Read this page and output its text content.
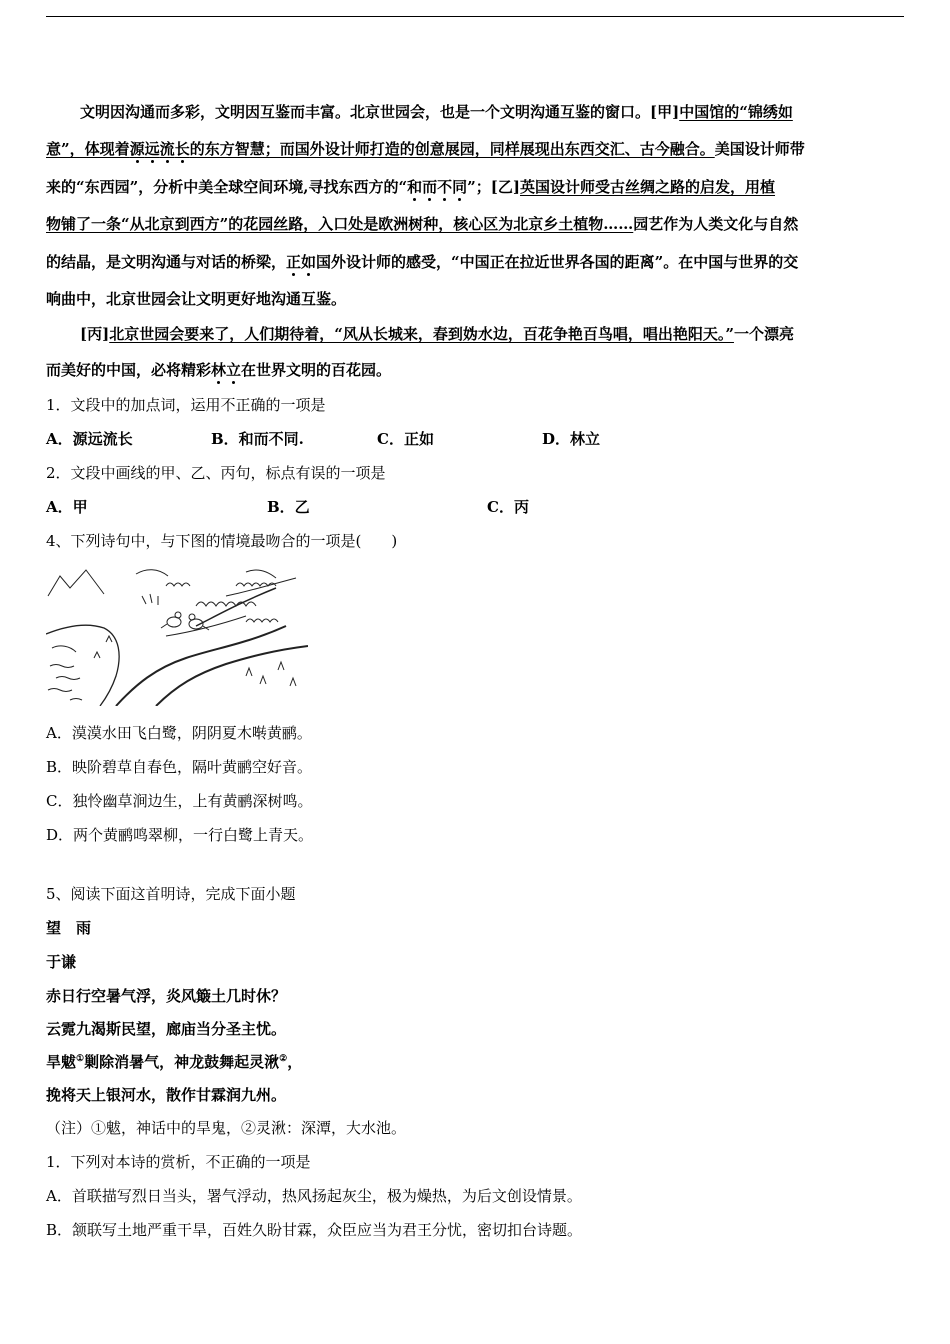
文明因沟通而多彩，文明因互鉴而丰富。北京世园会，也是一个文明沟通互鉴的窗口。[甲]中国馆的“锦绣如
意”，体现着源远流长的东方智慧；而国外设计师打造的创意展园，同样展现出东西交汇、古今融合。美国设计师带
来的“东西园”，分析中美全球空间环境,寻找东西方的“和而不同”；[乙]英国设计师受古丝绸之路的启发，用植
物铺了一条“从北京到西方”的花园丝路，入口处是欧洲树种，核心区为北京乡土植物……园艺作为人类文化与自然
的结晶，是文明沟通与对话的桥梁，正如国外设计师的感受，“中国正在拉近世界各国的距离”。在中国与世界的交
响曲中，北京世园会让文明更好地沟通互鉴。
[丙]北京世园会要来了，人们期待着，“风从长城来，春到妫水边，百花争艳百鸟唱，唱出艳阳天。”一个漂亮
而美好的中国，必将精彩林立在世界文明的百花园。
1．文段中的加点词，运用不正确的一项是
A．源远流长	B．和而不同.	C．正如	D．林立
2．文段中画线的甲、乙、丙句，标点有误的一项是
A．甲	B．乙	C．丙
4、下列诗句中，与下图的情境最吻合的一项是(　　)
A．漠漠水田飞白鹭，阴阴夏木啭黄鹂。
B．映阶碧草自春色，隔叶黄鹂空好音。
C．独怜幽草涧边生，上有黄鹂深树鸣。
D．两个黄鹂鸣翠柳，一行白鹭上青天。
5、阅读下面这首明诗，完成下面小题
望　雨
于谦
赤日行空暑气浮，炎风簸土几时休？
云霓九渴斯民望，廊庙当分圣主忧。
旱魃①剿除消暑气，神龙鼓舞起灵湫②，
挽将天上银河水，散作甘霖润九州。
（注）①魃，神话中的旱鬼，②灵湫：深潭，大水池。
1．下列对本诗的赏析，不正确的一项是
A．首联描写烈日当头，署气浮动，热风扬起灰尘，极为燥热，为后文创设情景。
B．颔联写土地严重干旱，百姓久盼甘霖，众臣应当为君王分忧，密切扣台诗题。
